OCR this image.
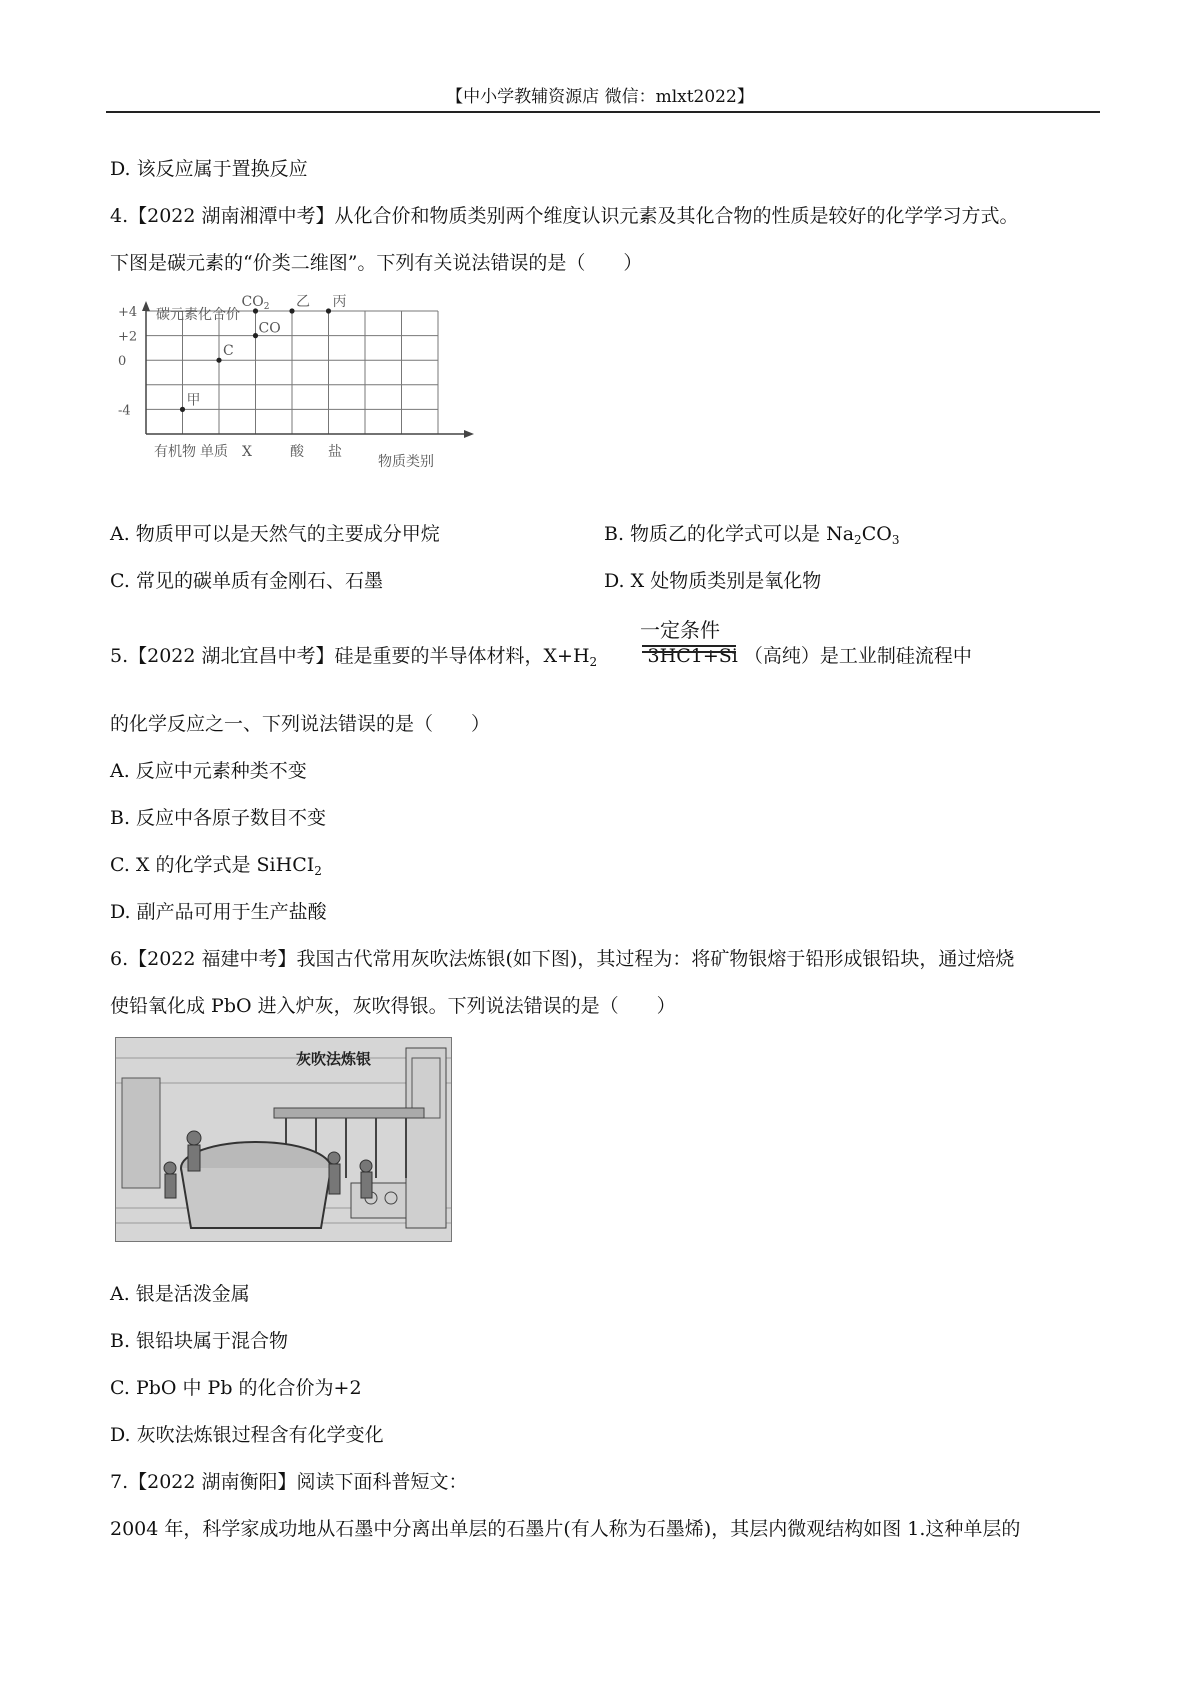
【中小学教辅资源店 微信：mlxt2022】
D. 该反应属于置换反应
4.【2022 湖南湘潭中考】从化合价和物质类别两个维度认识元素及其化合物的性质是较好的化学学习方式。
下图是碳元素的“价类二维图”。下列有关说法错误的是（　　）
+4
+2
0
-4
有机物 单质 X	酸 盐
甲
C
CO
$CO_2$ 乙 丙
碳元素化合价
物质类别
A. 物质甲可以是天然气的主要成分甲烷	B. 物质乙的化学式可以是 $Na_2CO_3$
C. 常见的碳单质有金刚石、石墨	D. X 处物质类别是氧化物
5.【2022 湖北宜昌中考】硅是重要的半导体材料，$X+H_2$	3HC1+Si （高纯）是工业制硅流程中
一定条件
的化学反应之一、下列说法错误的是（　　）
A. 反应中元素种类不变
B. 反应中各原子数目不变
C. X 的化学式是 SiHCI$_2$
D. 副产品可用于生产盐酸
6.【2022 福建中考】我国古代常用灰吹法炼银(如下图)，其过程为：将矿物银熔于铅形成银铅块，通过焙烧
使铅氧化成 PbO 进入炉灰，灰吹得银。下列说法错误的是（　　）
灰吹法炼银
A. 银是活泼金属
B. 银铅块属于混合物
C. PbO 中 Pb 的化合价为+2
D. 灰吹法炼银过程含有化学变化
7.【2022 湖南衡阳】阅读下面科普短文：
2004 年，科学家成功地从石墨中分离出单层的石墨片(有人称为石墨烯)，其层内微观结构如图 1.这种单层的
